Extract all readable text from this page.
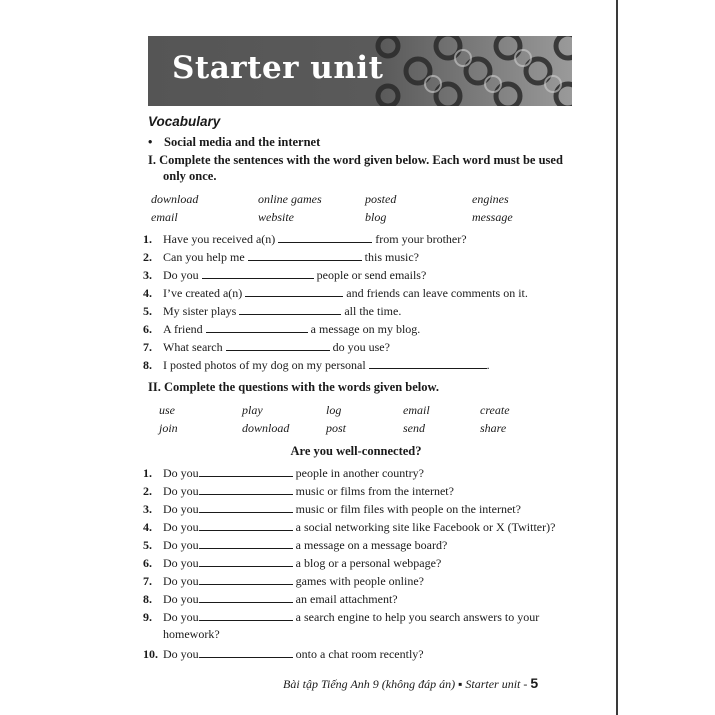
Starter unit
Vocabulary
• Social media and the internet
I. Complete the sentences with the word given below. Each word must be used
only once.
download	online games	posted	engines
email	website	blog	message
1. Have you received a(n)	from your brother?
2. Can you help me	this music?
3. Do you	people or send emails?
4. I’ve created a(n)	and friends can leave comments on it.
5. My sister plays	all the time.
6. A friend	a message on my blog.
7. What search	do you use?
8. I posted photos of my dog on my personal	.
II. Complete the questions with the words given below.
use	play	log	email	create
join	download	post	send	share
Are you well-connected?
1. Do you	people in another country?
2. Do you	music or films from the internet?
3. Do you	music or film files with people on the internet?
4. Do you	a social networking site like Facebook or X (Twitter)?
5. Do you	a message on a message board?
6. Do you	a blog or a personal webpage?
7. Do you	games with people online?
8. Do you	an email attachment?
9. Do you	a search engine to help you search answers to your
homework?
10. Do you	onto a chat room recently?
Bài tập Tiếng Anh 9 (không đáp án) ▪ Starter unit - 5
